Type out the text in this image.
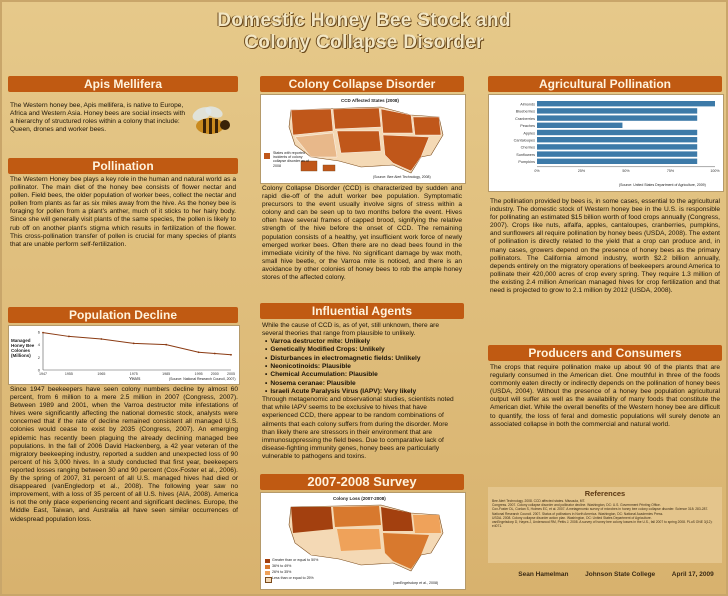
Domestic Honey Bee Stock and
Colony Collapse Disorder
Apis Mellifera
The Western honey bee, Apis mellifera, is native to Europe, Africa and Western Asia. Honey bees are social insects with a hierarchy of structured roles within a colony that include: Queen, drones and worker bees.
Pollination
The Western Honey bee plays a key role in the human and natural world as a pollinator. The main diet of the honey bee consists of flower nectar and pollen. Field bees, the older population of worker bees, collect the nectar and pollen from plants as far as six miles away from the hive. As the honey bee is foraging for pollen from a plant's anther, much of it sticks to her hairy body. Since she will generally visit plants of the same species, the pollen is likely to rub off on another plant's stigma which results in fertilization of the flower. This cross-pollination transfer of pollen is crucial for many species of plants that are unable perform self-fertilization.
Population Decline
Managed Honey Bee Colonies (Millions)
0
2
4
6
1947	1955	1965	1975	1985	1995 2000 2005
Years	(Source: National Research Council, 2007)
Since 1947 beekeepers have seen colony numbers decline by almost 60 percent, from 6 million to a mere 2.5 million in 2007 (Congress, 2007). Between 1989 and 2001, when the Varroa destructor mite infestations of hives were significantly affecting the national domestic stock, analysts were concerned that if the rate of decline remained consistent all managed U.S. colonies would cease to exist by 2035 (Congress, 2007). An emerging epidemic has recently been plaguing the already declining managed bee populations. In the fall of 2006 David Hackenberg, a 42 year veteran of the migratory beekeeping industry, reported a sudden and unexpected loss of 90 percent of his 3,000 hives. In a study conducted that first year, beekeepers reported losses ranging between 30 and 90 percent (Cox-Foster et al., 2006). By the spring of 2007, 31 percent of all U.S. managed hives had died or disappeared (vanEngledorp et al., 2008). The following year saw no improvement, with a loss of 35 percent of all U.S. hives (AIA, 2008). America is not the only place experiencing recent and significant declines. Europe, the Middle East, Taiwan, and Australia all have seen similar occurrences of widespread population loss.
Colony Collapse Disorder
CCD Affected States (2008)
States with reported incidents of colony collapse disorder as of 2008
(Source: Bee Alert Technology, 2008)
Colony Collapse Disorder (CCD) is characterized by sudden and rapid die-off of the adult worker bee population. Symptomatic precursors to the event usually involve signs of stress within a colony and can be seen up to two months before the event. Hives often have several frames of capped brood, signifying the relative strength of the hive before the onset of CCD. The remaining population consists of a healthy, yet insufficient work force of newly emerged worker bees. Often there are no dead bees found in the immediate vicinity of the hive. No significant damage by wax moth, small hive beetle, or the Varroa mite is noticed, and there is an avoidance by other colonies of honey bees to rob the ample honey stores of the affected colony.
Influential Agents

While the cause of CCD is, as of yet, still unknown, there are several theories that range from plausible to unlikely.

• Varroa destructor mite: Unlikely
• Genetically Modified Crops: Unlikely
• Disturbances in electromagnetic fields: Unlikely
• Neonicotinoids: Plausible
• Chemical Accumulation: Plausible
• Nosema ceranae: Plausible
• Israeli Acute Paralysis Virus (IAPV): Very likely

Through metagenomic and observational studies, scientists noted that while IAPV seems to be exclusive to hives that have experienced CCD, there appear to be random combinations of ailments that each colony suffers from during the disorder. More than likely there are stressors in their environment that are immunosuppressing the field bees. Due to comparative lack of disease-fighting immunity genes, honey bees are particularly vulnerable to pathogens and toxins.

2007-2008 Survey
Colony Loss (2007-2008)
Greater than or equal to 50%
36% to 49%
26% to 35%
Less than or equal to 25%
(vanEngelsdorp et al., 2008)
Agricultural Pollination
Almonds
Blueberries
Cranberries
Peaches
Apples
Cantaloupes
Cherries
Sunflowers
Pumpkins
0%	25%	50%	75%	100%
(Source: United States Department of Agriculture, 2009)
The pollination provided by bees is, in some cases, essential to the agricultural industry. The domestic stock of Western honey bee in the U.S. is responsible for pollinating an estimated $15 billion worth of food crops annually (Congress, 2007). Crops like nuts, alfalfa, apples, cantaloupes, cranberries, pumpkins, and sunflowers all require pollination by honey bees (USDA, 2008). The extent of pollination is directly related to the yield that a crop can produce and, in many cases, growers depend on the presence of honey bees as the primary pollinators. The California almond industry, worth $2.2 billion annually, depends entirely on the migratory operations of beekeepers around America to pollinate their 420,000 acres of crop every spring. They require 1.3 million of the existing 2.4 million American managed hives for crop fertilization and that need is projected to grow to 2.1 million by 2012 (USDA, 2008).
Producers and Consumers
The crops that require pollination make up about 90 of the plants that are regularly consumed in the American diet. One mouthful in three of the foods commonly eaten directly or indirectly depends on the pollination of honey bees (USDA, 2004). Without the presence of a honey bee population agricultural output will suffer as well as the availability of many foods that constitute the American diet. While the overall benefits of the Western honey bee are difficult to quantify, the loss of feral and domestic populations will surely denote an associated collapse in both the commercial and natural world.
References
Bee Alert Technology. 2008. CCD affected states. Missoula, MT.
Congress. 2007. Colony collapse disorder and pollinator decline. Washington, DC: U.S. Government Printing Office.
Cox-Foster DL, Conlan S, Holmes EC, et al. 2007. A metagenomic survey of microbes in honey bee colony collapse disorder. Science 318: 283-287.
National Research Council. 2007. Status of pollinators in North America. Washington, DC: National Academies Press.
USDA. 2008. Colony collapse disorder action plan. Washington, DC: United States Department of Agriculture.
vanEngelsdorp D, Hayes J, Underwood RM, Pettis J. 2008. A survey of honey bee colony losses in the U.S., fall 2007 to spring 2008. PLoS ONE 3(12): e4071.
Sean Hamelman	Johnson State College	April 17, 2009
